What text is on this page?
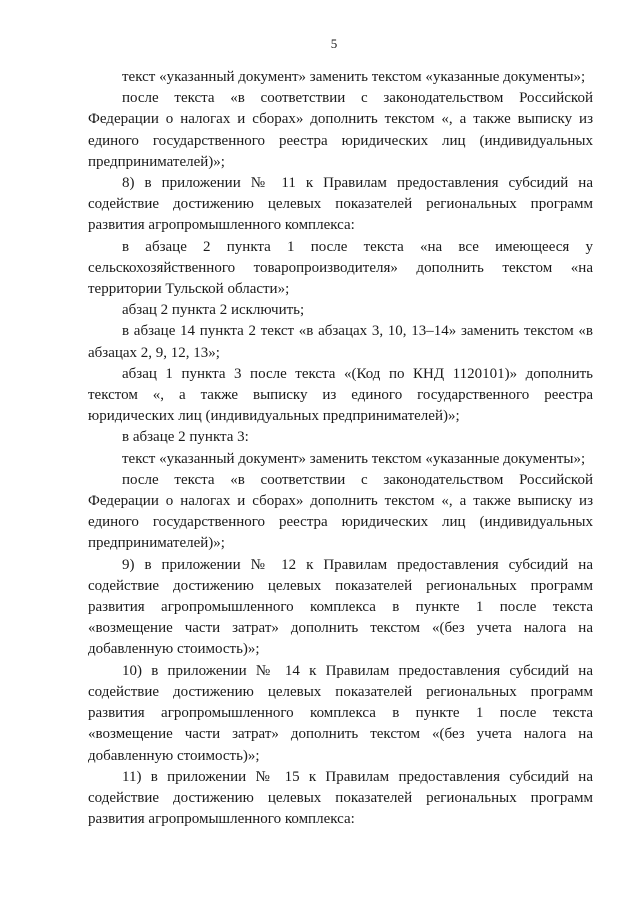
5

текст «указанный документ» заменить текстом «указанные документы»;

после текста «в соответствии с законодательством Российской Федерации о налогах и сборах» дополнить текстом «, а также выписку из единого государственного реестра юридических лиц (индивидуальных предпринимателей)»;

8) в приложении № 11 к Правилам предоставления субсидий на содействие достижению целевых показателей региональных программ развития агропромышленного комплекса:

в абзаце 2 пункта 1 после текста «на все имеющееся у сельскохозяйственного товаропроизводителя» дополнить текстом «на территории Тульской области»;

абзац 2 пункта 2 исключить;

в абзаце 14 пункта 2 текст «в абзацах 3, 10, 13–14» заменить текстом «в абзацах 2, 9, 12, 13»;

абзац 1 пункта 3 после текста «(Код по КНД 1120101)» дополнить текстом «, а также выписку из единого государственного реестра юридических лиц (индивидуальных предпринимателей)»;

в абзаце 2 пункта 3:

текст «указанный документ» заменить текстом «указанные документы»;

после текста «в соответствии с законодательством Российской Федерации о налогах и сборах» дополнить текстом «, а также выписку из единого государственного реестра юридических лиц (индивидуальных предпринимателей)»;

9) в приложении № 12 к Правилам предоставления субсидий на содействие достижению целевых показателей региональных программ развития агропромышленного комплекса в пункте 1 после текста «возмещение части затрат» дополнить текстом «(без учета налога на добавленную стоимость)»;

10) в приложении № 14 к Правилам предоставления субсидий на содействие достижению целевых показателей региональных программ развития агропромышленного комплекса в пункте 1 после текста «возмещение части затрат» дополнить текстом «(без учета налога на добавленную стоимость)»;

11) в приложении № 15 к Правилам предоставления субсидий на содействие достижению целевых показателей региональных программ развития агропромышленного комплекса:
